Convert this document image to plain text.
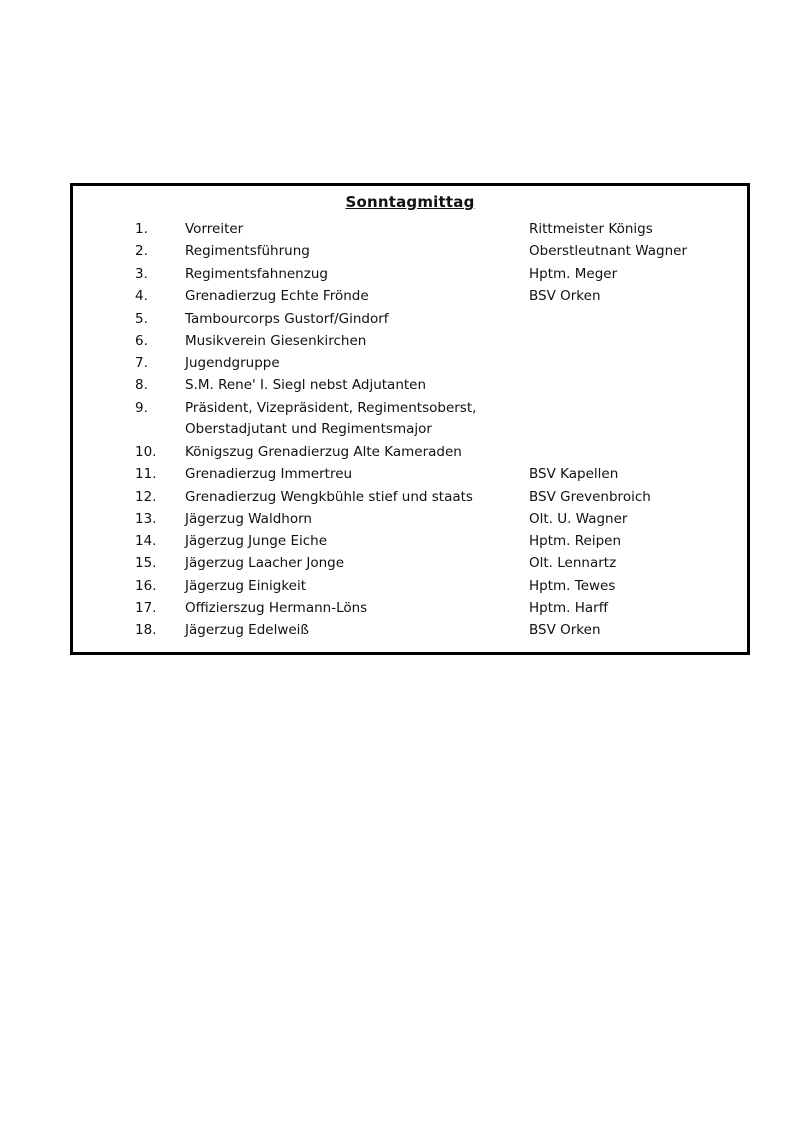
Sonntagmittag
1.	Vorreiter	Rittmeister Königs
2.	Regimentsführung	Oberstleutnant Wagner
3.	Regimentsfahnenzug	Hptm. Meger
4.	Grenadierzug Echte Frönde	BSV Orken
5.	Tambourcorps Gustorf/Gindorf
6.	Musikverein Giesenkirchen
7.	Jugendgruppe
8.	S.M. Rene' I. Siegl nebst Adjutanten
9.	Präsident, Vizepräsident, Regimentsoberst,
Oberstadjutant und Regimentsmajor
10.	Königszug Grenadierzug Alte Kameraden
11.	Grenadierzug Immertreu	BSV Kapellen
12.	Grenadierzug Wengkbühle stief und staats	BSV Grevenbroich
13.	Jägerzug Waldhorn	Olt. U. Wagner
14.	Jägerzug Junge Eiche	Hptm. Reipen
15.	Jägerzug Laacher Jonge	Olt. Lennartz
16.	Jägerzug Einigkeit	Hptm. Tewes
17.	Offizierszug Hermann-Löns	Hptm. Harff
18.	Jägerzug Edelweiß	BSV Orken
